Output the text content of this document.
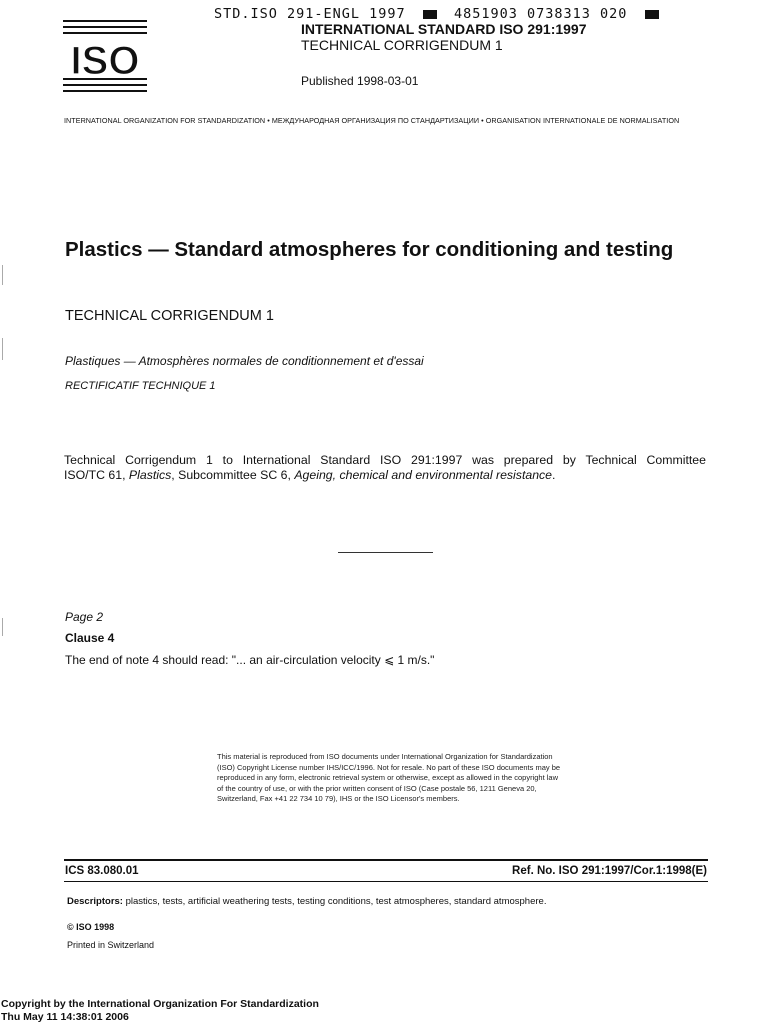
STD.ISO 291-ENGL 1997	4851903 0738313 020
ISO
INTERNATIONAL STANDARD ISO 291:1997
TECHNICAL CORRIGENDUM 1
Published 1998-03-01
INTERNATIONAL ORGANIZATION FOR STANDARDIZATION • МЕЖДУНАРОДНАЯ ОРГАНИЗАЦИЯ ПО СТАНДАРТИЗАЦИИ • ORGANISATION INTERNATIONALE DE NORMALISATION
Plastics — Standard atmospheres for conditioning and testing
TECHNICAL CORRIGENDUM 1
Plastiques — Atmosphères normales de conditionnement et d'essai
RECTIFICATIF TECHNIQUE 1
Technical Corrigendum 1 to International Standard ISO 291:1997 was prepared by Technical Committee
ISO/TC 61, Plastics, Subcommittee SC 6, Ageing, chemical and environmental resistance.
Page 2
Clause 4
The end of note 4 should read: "... an air-circulation velocity ⩽ 1 m/s."
This material is reproduced from ISO documents under International Organization for Standardization (ISO) Copyright License number IHS/ICC/1996. Not for resale. No part of these ISO documents may be reproduced in any form, electronic retrieval system or otherwise, except as allowed in the copyright law of the country of use, or with the prior written consent of ISO (Case postale 56, 1211 Geneva 20, Switzerland, Fax +41 22 734 10 79), IHS or the ISO Licensor's members.
ICS 83.080.01	Ref. No. ISO 291:1997/Cor.1:1998(E)
Descriptors: plastics, tests, artificial weathering tests, testing conditions, test atmospheres, standard atmosphere.
© ISO 1998
Printed in Switzerland
Copyright by the International Organization For Standardization
Thu May 11 14:38:01 2006
